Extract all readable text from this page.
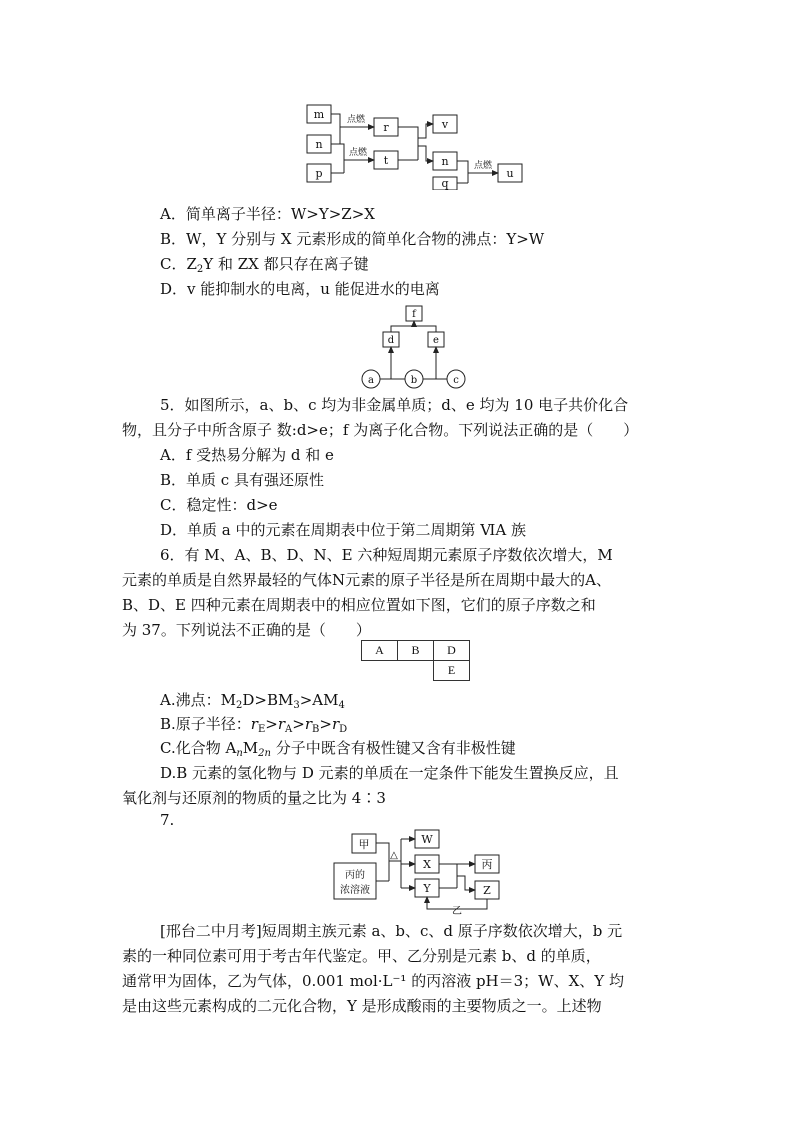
m
n
p
r
t
v
n
q
u
点燃
点燃
点燃
A．简单离子半径：W>Y>Z>X
B．W，Y 分别与 X 元素形成的简单化合物的沸点：Y>W
C．$Z_2Y$ 和 ZX 都只存在离子键
D．v 能抑制水的电离，u 能促进水的电离
f
d	e
a	b	c
5．如图所示，a、b、c 均为非金属单质；d、e 均为 10 电子共价化合
物，且分子中所含原子 数:d>e；f 为离子化合物。下列说法正确的是（　　）
A．f 受热易分解为 d 和 e
B．单质 c 具有强还原性
C．稳定性：d>e
D．单质 a 中的元素在周期表中位于第二周期第 ⅥA 族
6．有 M、A、B、D、N、E 六种短周期元素原子序数依次增大，M
元素的单质是自然界最轻的气体N元素的原子半径是所在周期中最大的A、
B、D、E 四种元素在周期表中的相应位置如下图，它们的原子序数之和
为 37。下列说法不正确的是（　　）
A	B	D
		E
A.沸点：$M_2D>BM_3>AM_4$
B.原子半径：$r_E>r_A>r_B>r_D$
C.化合物 $A_nM_{2n}$ 分子中既含有极性键又含有非极性键
D.B 元素的氢化物与 D 元素的单质在一定条件下能发生置换反应，且
氧化剂与还原剂的物质的量之比为 4∶3
7.
甲
丙的
浓溶液
△
W
X
Y
丙
Z
乙
[邢台二中月考]短周期主族元素 a、b、c、d 原子序数依次增大，b 元
素的一种同位素可用于考古年代鉴定。甲、乙分别是元素 b、d 的单质，
通常甲为固体，乙为气体，0.001 mol·L⁻¹ 的丙溶液 pH＝3；W、X、Y 均
是由这些元素构成的二元化合物，Y 是形成酸雨的主要物质之一。上述物
